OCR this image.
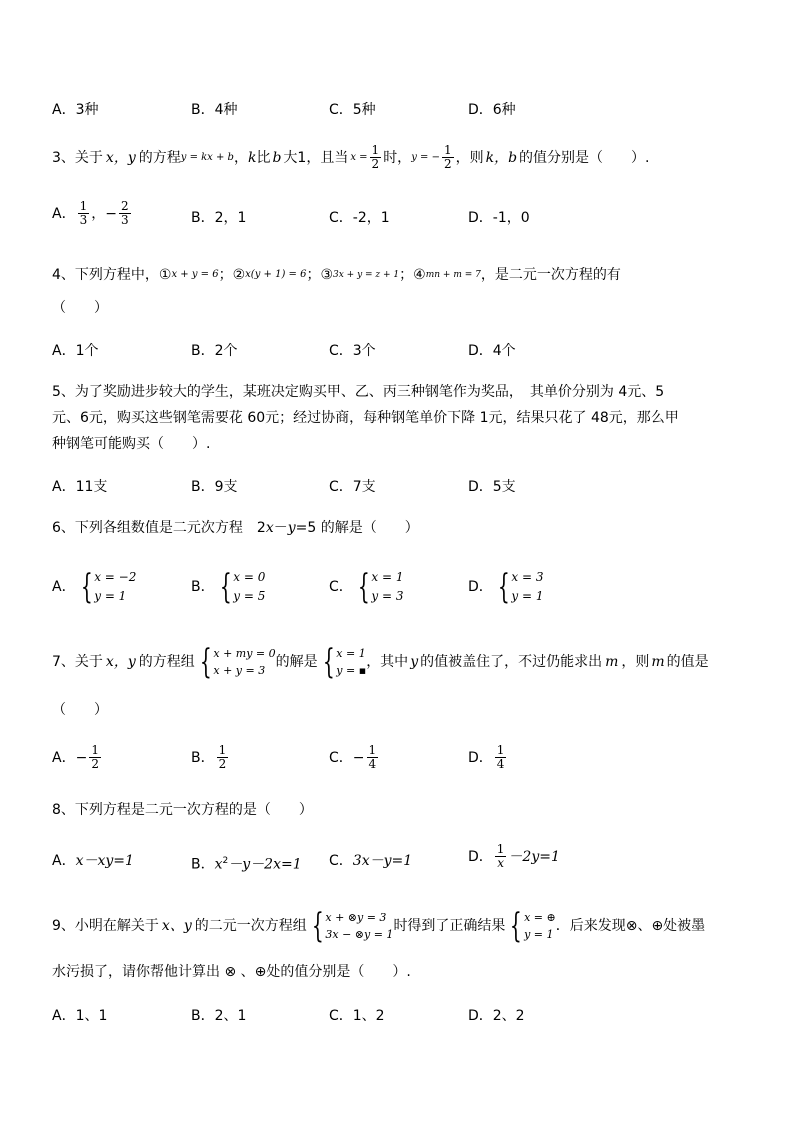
A．3种	B．4种	C．5种	D．6种
3、关于 x，y 的方程 y = kx + b ， k 比 b 大1，且当 $x = \frac{1}{2}$ 时， y = − $\frac{1}{2}$ ，则 k，b 的值分别是（　　）.
A． $\frac{1}{3}$ ，− $\frac{2}{3}$	B．2，1	C．-2，1	D．-1，0
4、下列方程中，① x + y = 6 ；② x(y + 1) = 6 ；③ 3x + y = z + 1 ；④ mn + m = 7 ，是二元一次方程的有
（　　）
A．1个	B．2个	C．3个	D．4个
5、为了奖励进步较大的学生，某班决定购买甲、乙、丙三种钢笔作为奖品，　其单价分别为 4元、5
元、6元，购买这些钢笔需要花 60元；经过协商，每种钢笔单价下降 1元，结果只花了 48元，那么甲
种钢笔可能购买（　　）.
A．11支	B．9支	C．7支	D．5支
6、下列各组数值是二元次方程　2 x － y =5 的解是（　　）
A． { x = −2
y = 1
B． { x = 0
y = 5
C． { x = 1
y = 3
D． { x = 3
y = 1
7、关于 x，y 的方程组 { x + my = 0
x + y = 3
的解是 { x = 1
y = ▪
，其中 y 的值被盖住了，不过仍能求出 m ，则 m 的值是
（　　）
A．− $\frac{1}{2}$	B． $\frac{1}{2}$	C．− $\frac{1}{4}$	D． $\frac{1}{4}$
8、下列方程是二元一次方程的是（　　）
A．x－xy=1	B．$x^2-y-2x=1$ C．3x－y=1	D． $\frac{1}{x} -2y=1$
9、小明在解关于 x、y 的二元一次方程组 { x + ⊗y = 3
3x − ⊗y = 1
时得到了正确结果 { x = ⊕
y = 1
．后来发现⊗、⊕处被墨
水污损了，请你帮他计算出 ⊗ 、⊕处的值分别是（　　）.
A．1、1	B．2、1	C．1、2	D．2、2
